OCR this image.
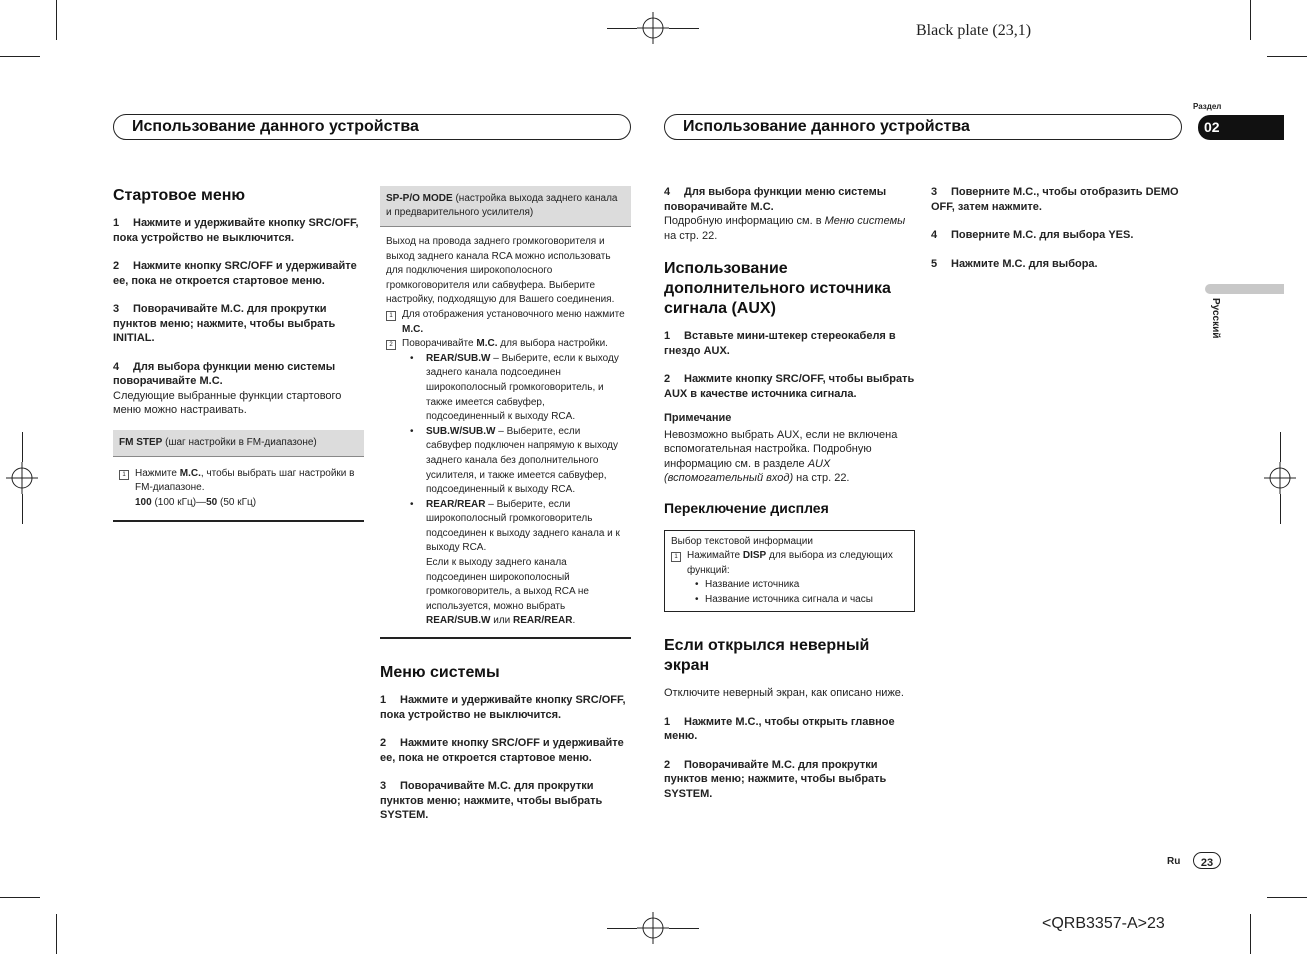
Black plate (23,1)
Раздел
02
Использование данного устройства	Использование данного устройства
Русский
Стартовое меню
1 Нажмите и удерживайте кнопку SRC/OFF, пока устройство не выключится.
2 Нажмите кнопку SRC/OFF и удерживайте ее, пока не откроется стартовое меню.
3 Поворачивайте M.C. для прокрутки пунктов меню; нажмите, чтобы выбрать INITIAL.
4 Для выбора функции меню системы поворачивайте M.C.
Следующие выбранные функции стартового меню можно настраивать.
FM STEP (шаг настройки в FM-диапазоне)
1 Нажмите M.C., чтобы выбрать шаг настройки в FM-диапазоне.
100 (100 кГц)—50 (50 кГц)
SP-P/O MODE (настройка выхода заднего канала и предварительного усилителя)
Выход на провода заднего громкоговорителя и выход заднего канала RCA можно использовать для подключения широкополосного громкоговорителя или сабвуфера. Выберите настройку, подходящую для Вашего соединения.
1 Для отображения установочного меню нажмите M.C.
2 Поворачивайте M.C. для выбора настройки.
• REAR/SUB.W – Выберите, если к выходу заднего канала подсоединен широкополосный громкоговоритель, и также имеется сабвуфер, подсоединенный к выходу RCA.
• SUB.W/SUB.W – Выберите, если сабвуфер подключен напрямую к выходу заднего канала без дополнительного усилителя, и также имеется сабвуфер, подсоединенный к выходу RCA.
• REAR/REAR – Выберите, если широкополосный громкоговоритель подсоединен к выходу заднего канала и к выходу RCA.
Если к выходу заднего канала подсоединен широкополосный громкоговоритель, а выход RCA не используется, можно выбрать REAR/SUB.W или REAR/REAR.
Меню системы
1 Нажмите и удерживайте кнопку SRC/OFF, пока устройство не выключится.
2 Нажмите кнопку SRC/OFF и удерживайте ее, пока не откроется стартовое меню.
3 Поворачивайте M.C. для прокрутки пунктов меню; нажмите, чтобы выбрать SYSTEM.
4 Для выбора функции меню системы поворачивайте M.C.
Подробную информацию см. в Меню системы на стр. 22.
Использование дополнительного источника сигнала (AUX)
1 Вставьте мини-штекер стереокабеля в гнездо AUX.
2 Нажмите кнопку SRC/OFF, чтобы выбрать AUX в качестве источника сигнала.
Примечание
Невозможно выбрать AUX, если не включена вспомогательная настройка. Подробную информацию см. в разделе AUX (вспомогательный вход) на стр. 22.
Переключение дисплея
Выбор текстовой информации
1 Нажимайте DISP для выбора из следующих функций:
• Название источника
• Название источника сигнала и часы
Если открылся неверный экран
Отключите неверный экран, как описано ниже.
1 Нажмите M.C., чтобы открыть главное меню.
2 Поворачивайте M.C. для прокрутки пунктов меню; нажмите, чтобы выбрать SYSTEM.
3 Поверните M.C., чтобы отобразить DEMO OFF, затем нажмите.
4 Поверните M.C. для выбора YES.
5 Нажмите M.C. для выбора.
Ru	23
<QRB3357-A>23
